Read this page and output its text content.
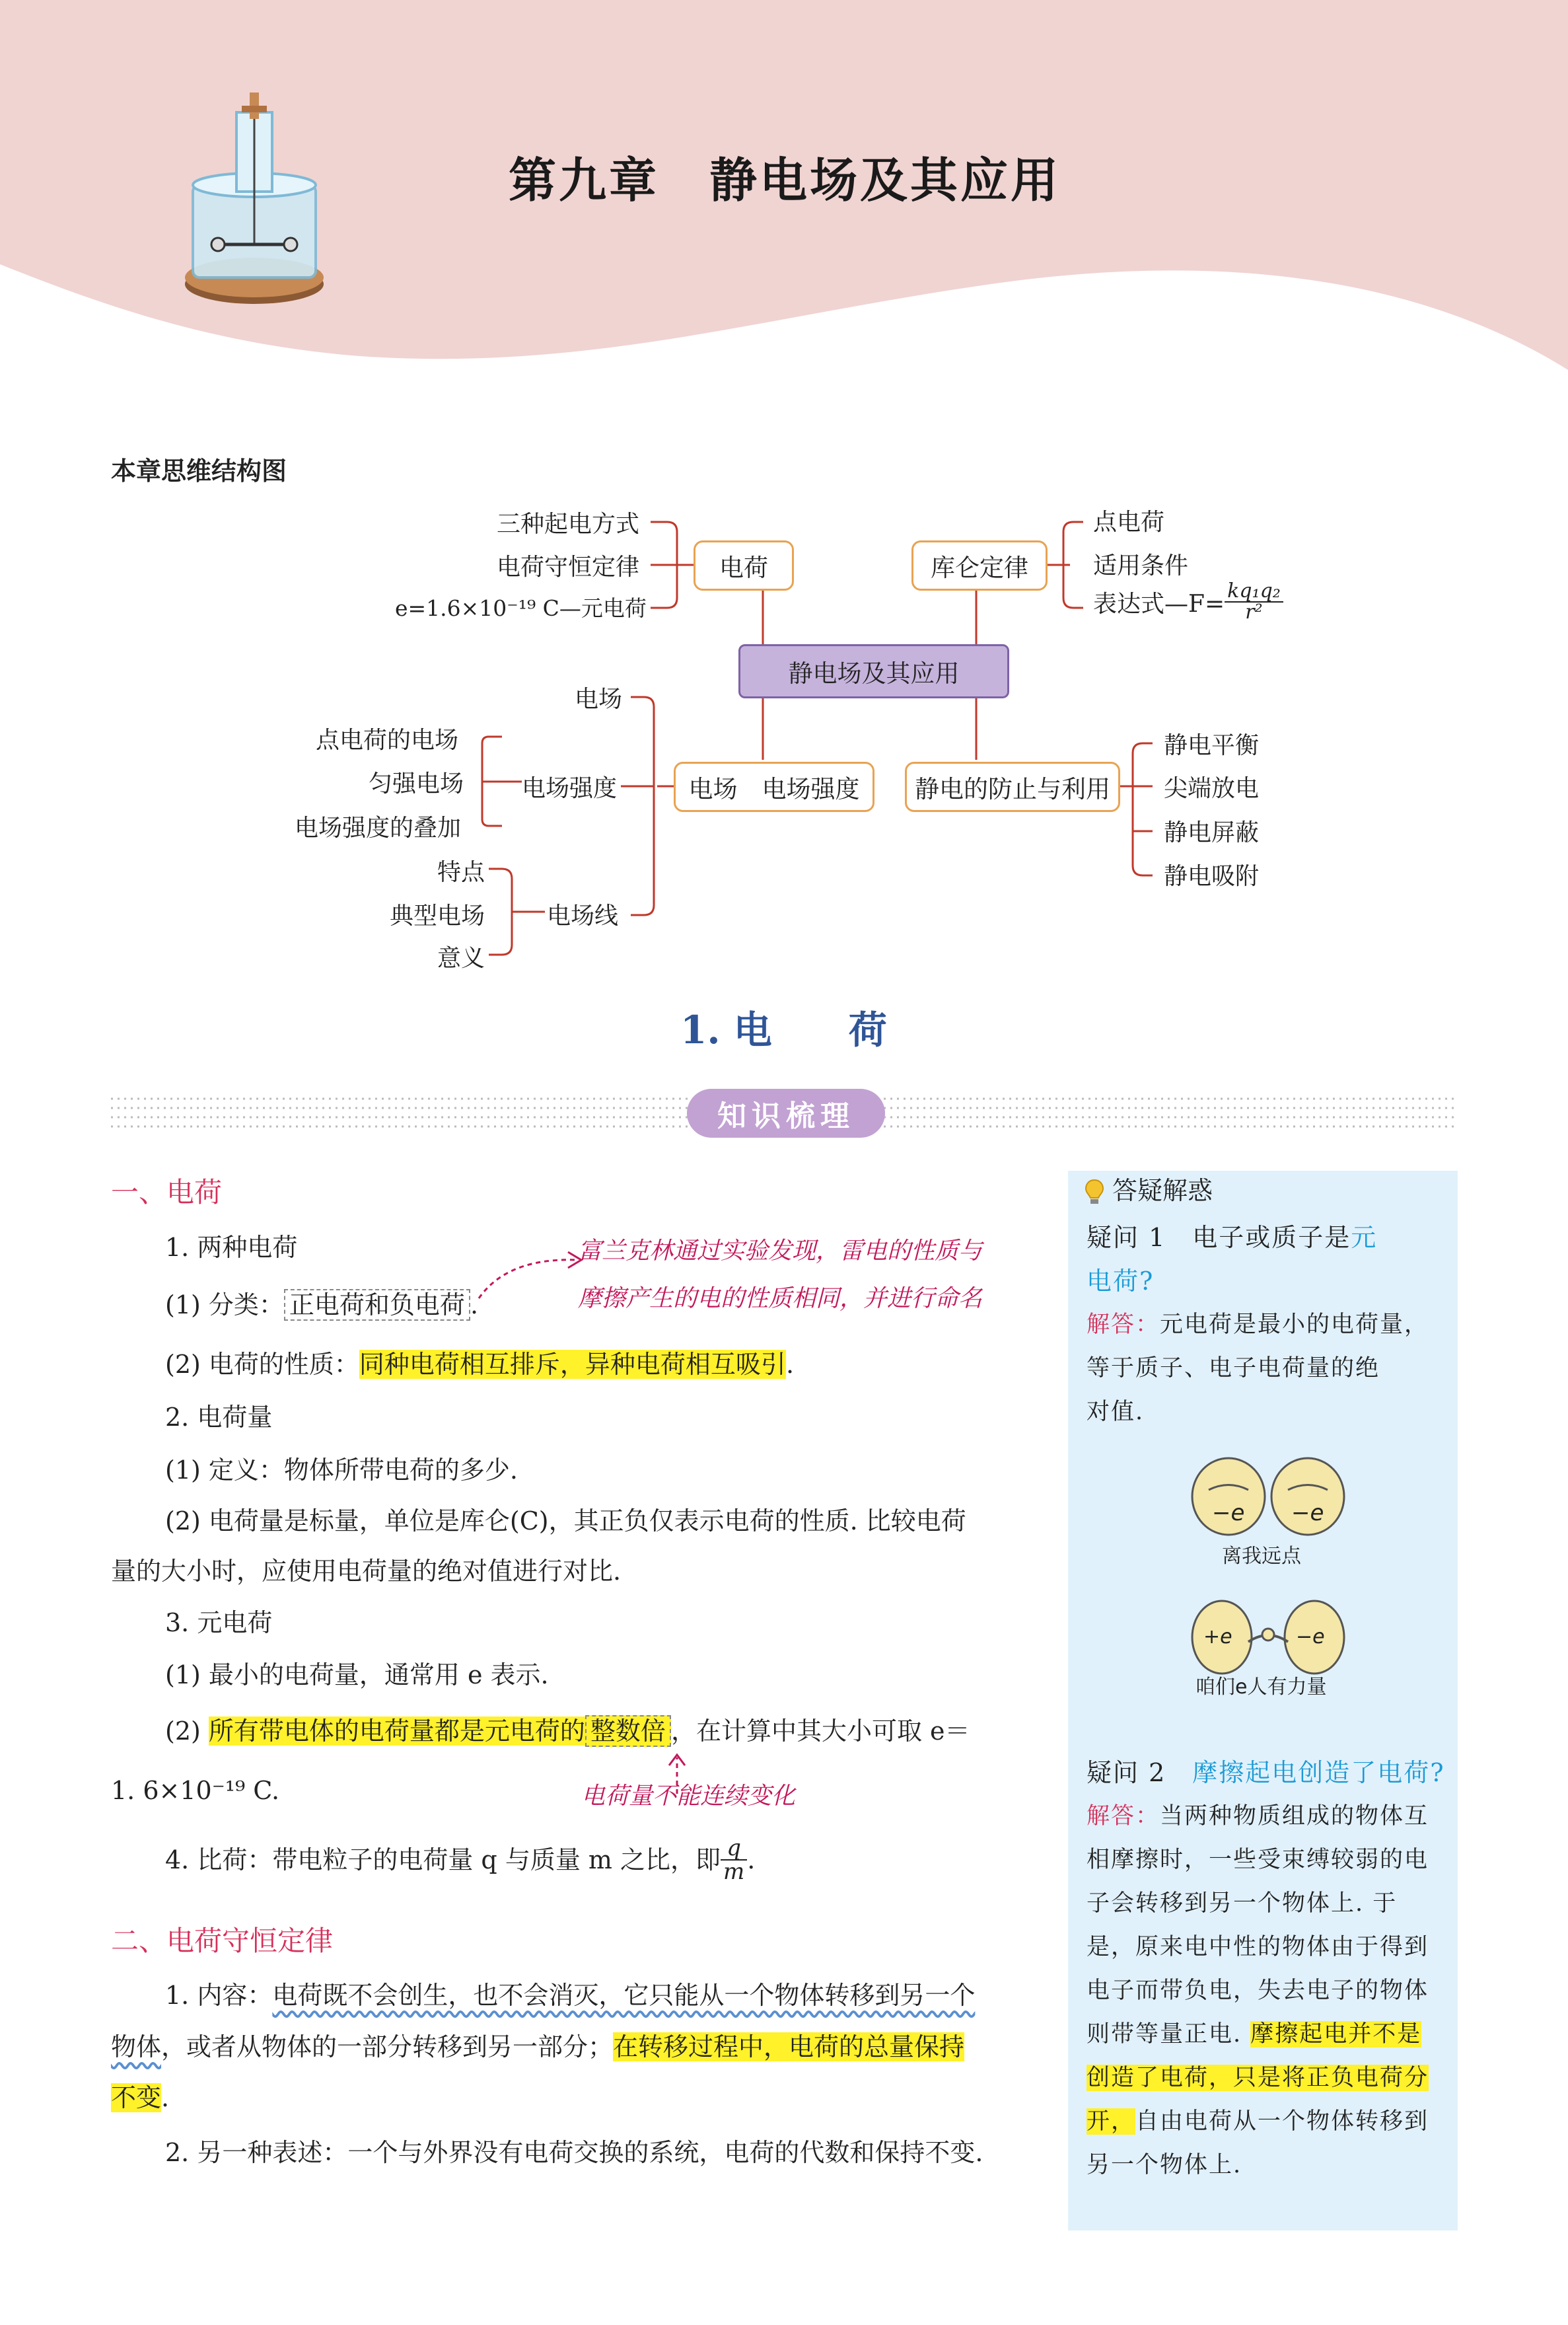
第九章　静电场及其应用
本章思维结构图
三种起电方式
电荷守恒定律
e=1.6×10⁻¹⁹ C—元电荷
电荷	库仑定律
点电荷
适用条件
表达式—F= $\frac{\text{kq₁q₂}}{\text{r²}}$
静电场及其应用
电场
点电荷的电场
匀强电场
电场强度的叠加
电场强度
特点
典型电场
意义
电场线
电场　电场强度	静电的防止与利用
静电平衡
尖端放电
静电屏蔽
静电吸附
1. 电　　荷
知识梳理
一、电荷
1. 两种电荷
(1) 分类： 正电荷和负电荷 .
富兰克林通过实验发现，雷电的性质与
摩擦产生的电的性质相同，并进行命名
(2) 电荷的性质：同种电荷相互排斥，异种电荷相互吸引.
2. 电荷量
(1) 定义：物体所带电荷的多少.
(2) 电荷量是标量，单位是库仑(C)，其正负仅表示电荷的性质. 比较电荷
量的大小时，应使用电荷量的绝对值进行对比.
3. 元电荷
(1) 最小的电荷量，通常用 e 表示.
(2) 所有带电体的电荷量都是元电荷的 整数倍 ，在计算中其大小可取 e＝
1. 6×10⁻¹⁹ C.	电荷量不能连续变化
4. 比荷：带电粒子的电荷量 q 与质量 m 之比，即 $\frac{q}{m}$ .
二、电荷守恒定律
1. 内容：电荷既不会创生，也不会消灭，它只能从一个物体转移到另一个
物体，或者从物体的一部分转移到另一部分；在转移过程中，电荷的总量保持
不变.
2. 另一种表述：一个与外界没有电荷交换的系统，电荷的代数和保持不变.
答疑解惑
疑问 1　电子或质子是元
电荷?
解答：元电荷是最小的电荷量，
等于质子、电子电荷量的绝
对值.
−e −e
离我远点
+e	−e
咱们e人有力量
疑问 2　摩擦起电创造了电荷?
解答：当两种物质组成的物体互
相摩擦时，一些受束缚较弱的电
子会转移到另一个物体上. 于
是，原来电中性的物体由于得到
电子而带负电，失去电子的物体
则带等量正电. 摩擦起电并不是
创造了电荷，只是将正负电荷分
开，自由电荷从一个物体转移到
另一个物体上.
